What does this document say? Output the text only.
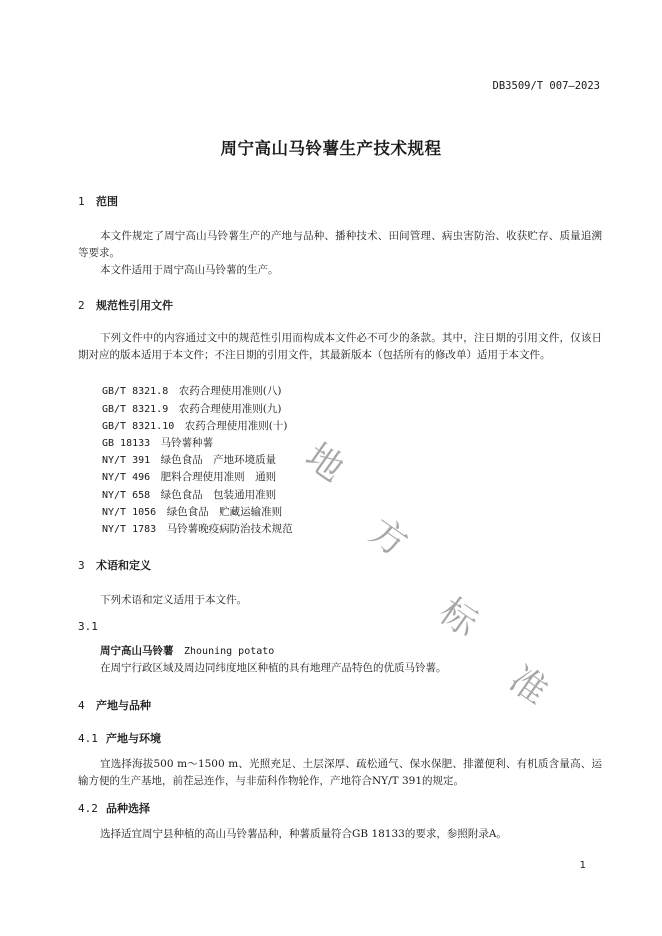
DB3509/T 007—2023
周宁高山马铃薯生产技术规程
1 范围
本文件规定了周宁高山马铃薯生产的产地与品种、播种技术、田间管理、病虫害防治、收获贮存、质量追溯等要求。
本文件适用于周宁高山马铃薯的生产。
2 规范性引用文件
下列文件中的内容通过文中的规范性引用而构成本文件必不可少的条款。其中，注日期的引用文件，仅该日期对应的版本适用于本文件；不注日期的引用文件，其最新版本（包括所有的修改单）适用于本文件。
GB/T 8321.8　 农药合理使用准则(八)
GB/T 8321.9　 农药合理使用准则(九)
GB/T 8321.10　 农药合理使用准则(十)
GB 18133　 马铃薯种薯
NY/T 391　 绿色食品　产地环境质量
NY/T 496　 肥料合理使用准则　通则
NY/T 658　 绿色食品　包装通用准则
NY/T 1056　 绿色食品　贮藏运输准则
NY/T 1783　 马铃薯晚疫病防治技术规范
3 术语和定义
下列术语和定义适用于本文件。
3.1
周宁高山马铃薯　 Zhouning potato
在周宁行政区域及周边同纬度地区种植的具有地理产品特色的优质马铃薯。
4 产地与品种
4.1 产地与环境
宜选择海拔500 m～1500 m、光照充足、土层深厚、疏松通气、保水保肥、排灌便利、有机质含量高、运输方便的生产基地，前茬忌连作，与非茄科作物轮作，产地符合NY/T 391的规定。
4.2 品种选择
选择适宜周宁县种植的高山马铃薯品种，种薯质量符合GB 18133的要求，参照附录A。
1
地
方
标
准
